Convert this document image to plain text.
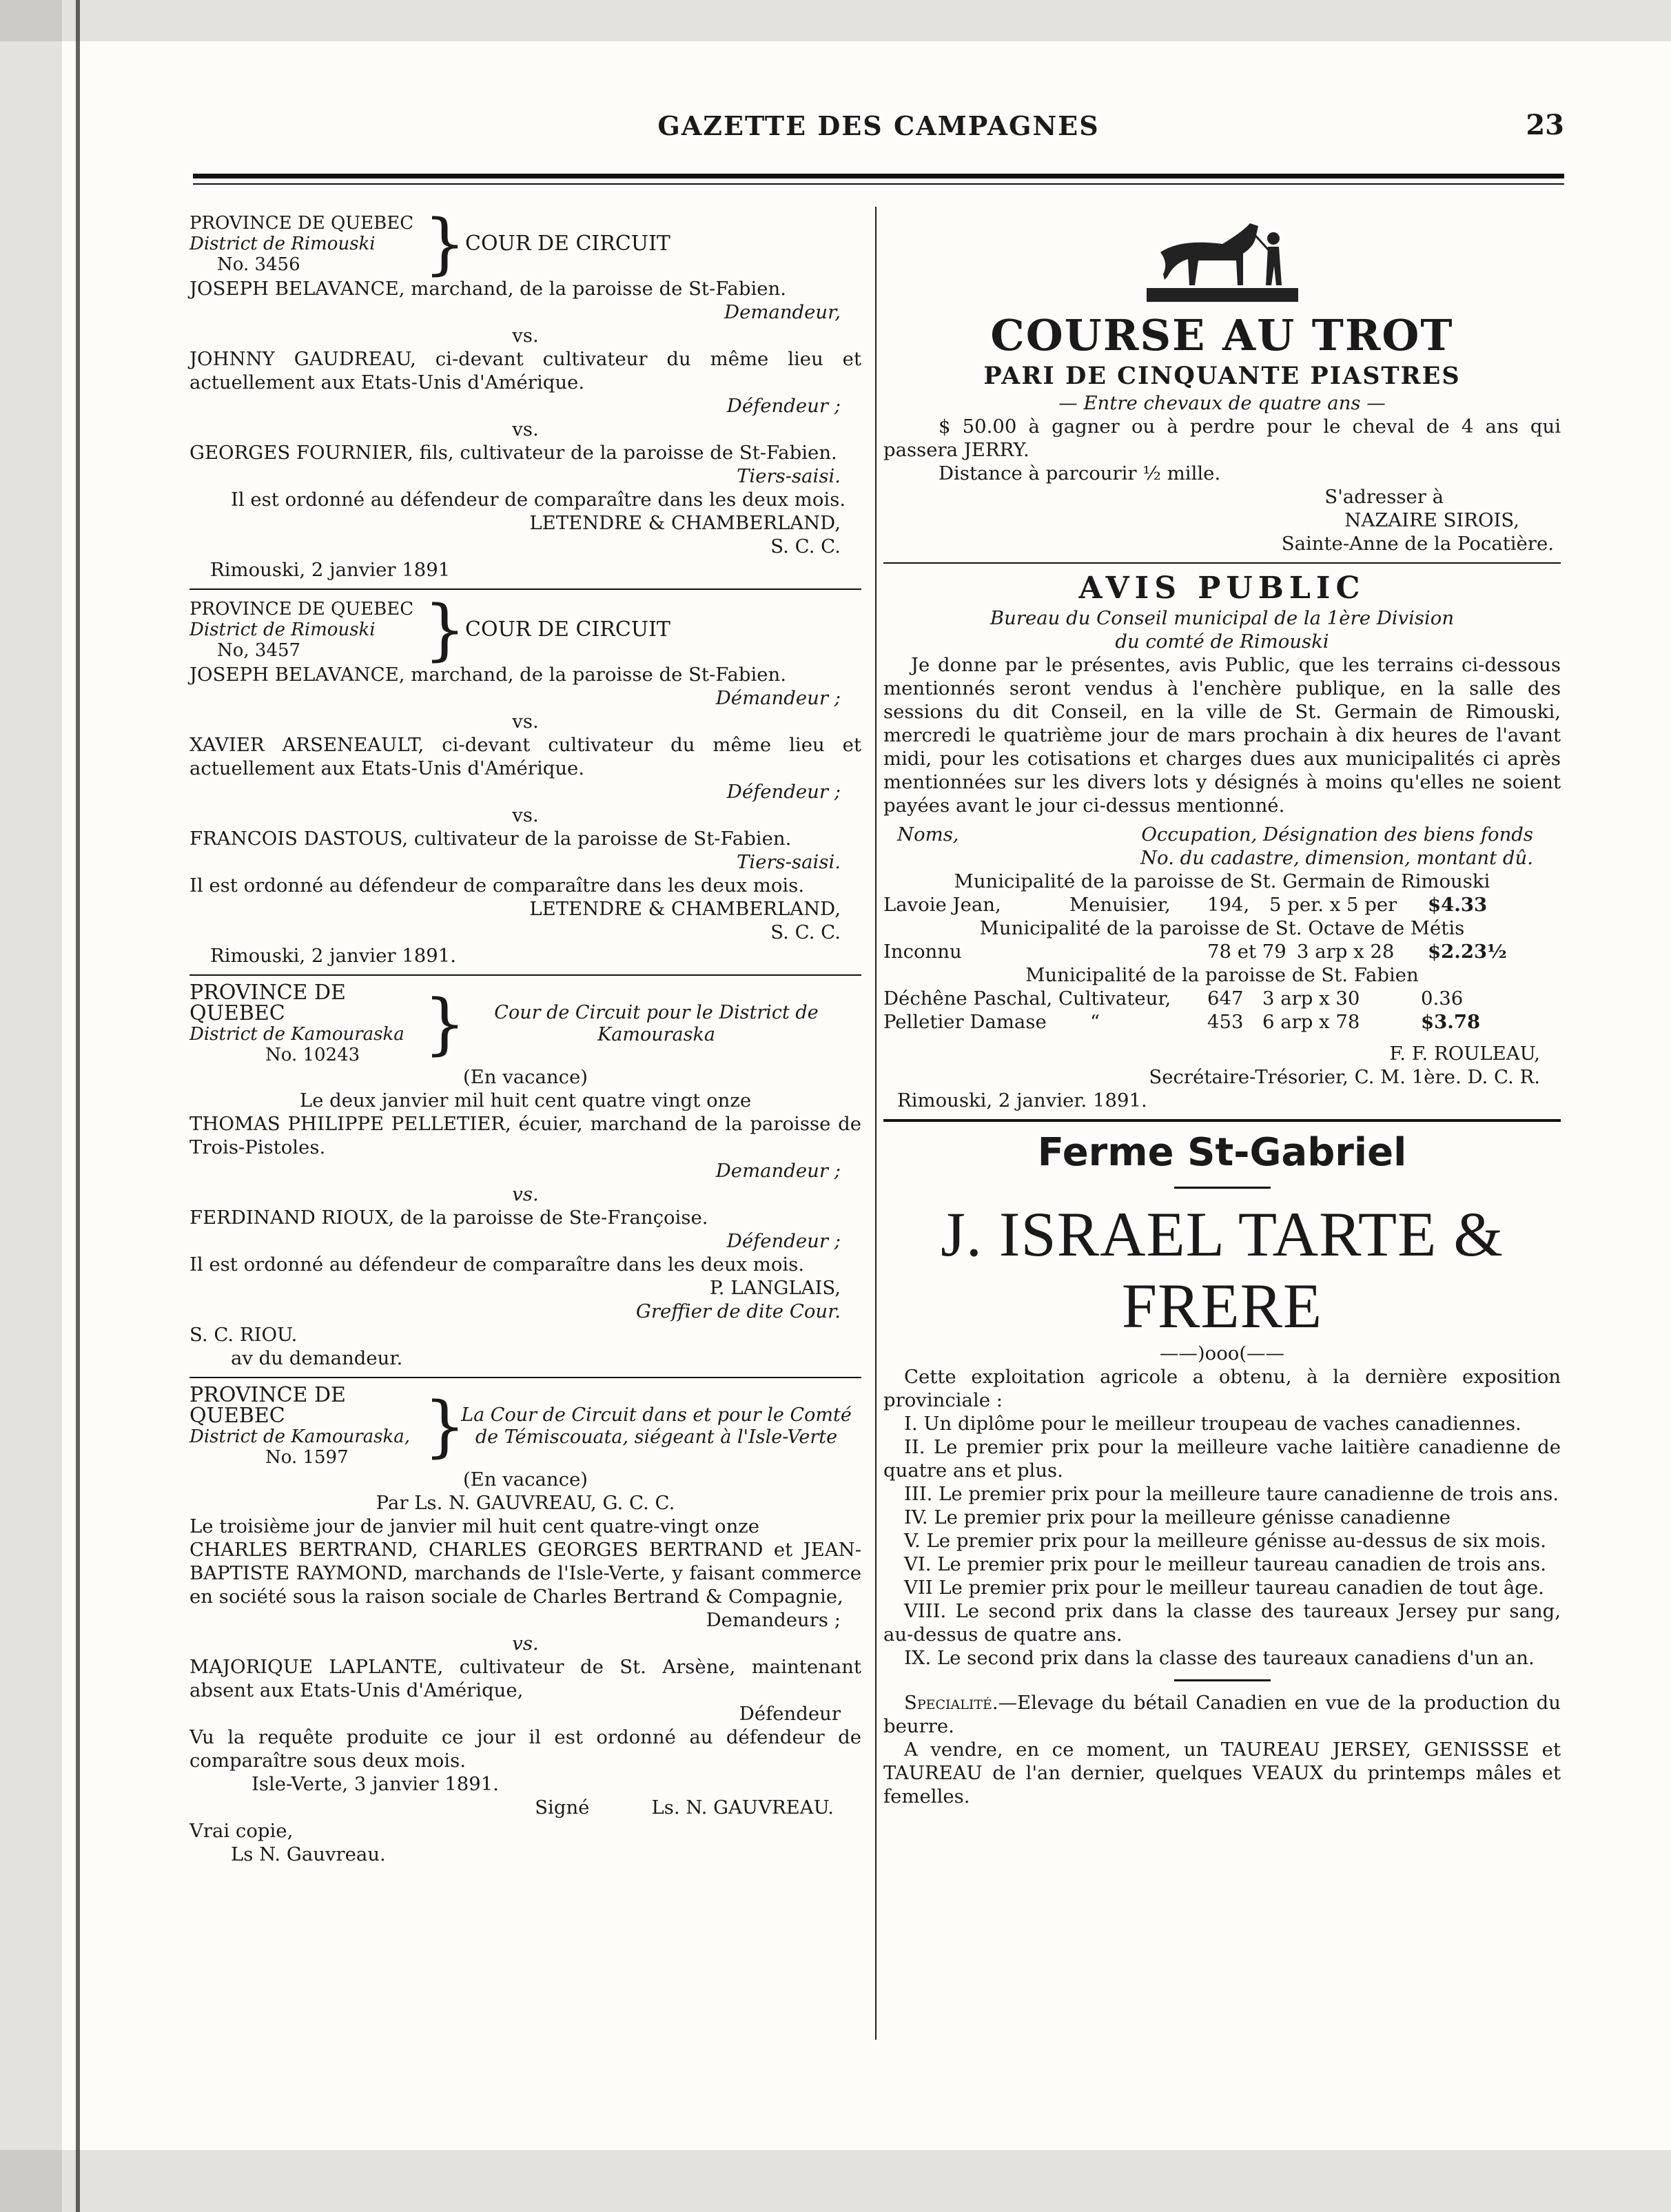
GAZETTE DES CAMPAGNES	23
PROVINCE DE QUEBEC
District de Rimouski
No. 3456	}
COUR DE CIRCUIT
JOSEPH BELAVANCE, marchand, de la paroisse de St-Fabien.
Demandeur,
vs.
JOHNNY GAUDREAU, ci-devant cultivateur du même lieu et actuellement aux Etats-Unis d'Amérique.
Défendeur ;
vs.
GEORGES FOURNIER, fils, cultivateur de la paroisse de St-Fabien.
Tiers-saisi.
Il est ordonné au défendeur de comparaître dans les deux mois.
LETENDRE & CHAMBERLAND,
S. C. C.
Rimouski, 2 janvier 1891
PROVINCE DE QUEBEC
District de Rimouski
No, 3457	}
COUR DE CIRCUIT
JOSEPH BELAVANCE, marchand, de la paroisse de St-Fabien.
Démandeur ;
vs.
XAVIER ARSENEAULT, ci-devant cultivateur du même lieu et actuellement aux Etats-Unis d'Amérique.
Défendeur ;
vs.
FRANCOIS DASTOUS, cultivateur de la paroisse de St-Fabien.
Tiers-saisi.
Il est ordonné au défendeur de comparaître dans les deux mois.
LETENDRE & CHAMBERLAND,
S. C. C.
Rimouski, 2 janvier 1891.
PROVINCE DE QUEBEC
District de Kamouraska
No. 10243 }	Cour de Circuit pour le District de Kamouraska
(En vacance)
Le deux janvier mil huit cent quatre vingt onze
THOMAS PHILIPPE PELLETIER, écuier, marchand de la paroisse de Trois-Pistoles.
Demandeur ;
vs.
FERDINAND RIOUX, de la paroisse de Ste-Françoise.
Défendeur ;
Il est ordonné au défendeur de comparaître dans les deux mois.
P. LANGLAIS,
Greffier de dite Cour.
S. C. RIOU.
av du demandeur.
PROVINCE DE QUEBEC
District de Kamouraska,
No. 1597	}
La Cour de Circuit dans et pour le Comté de Témiscouata, siégeant à l'Isle-Verte
(En vacance)
Par Ls. N. GAUVREAU, G. C. C.
Le troisième jour de janvier mil huit cent quatre-vingt onze
CHARLES BERTRAND, CHARLES GEORGES BERTRAND et JEAN-BAPTISTE RAYMOND, marchands de l'Isle-Verte, y faisant commerce en société sous la raison sociale de Charles Bertrand & Compagnie,
Demandeurs ;
vs.
MAJORIQUE LAPLANTE, cultivateur de St. Arsène, maintenant absent aux Etats-Unis d'Amérique,
Défendeur
Vu la requête produite ce jour il est ordonné au défendeur de comparaître sous deux mois.
Isle-Verte, 3 janvier 1891.
Signé	Ls. N. GAUVREAU.
Vrai copie,
Ls N. Gauvreau.
COURSE AU TROT
PARI DE CINQUANTE PIASTRES
— Entre chevaux de quatre ans —
$ 50.00 à gagner ou à perdre pour le cheval de 4 ans qui passera JERRY.
Distance à parcourir ½ mille.
S'adresser à
NAZAIRE SIROIS,
Sainte-Anne de la Pocatière.
AVIS PUBLIC
Bureau du Conseil municipal de la 1ère Division
du comté de Rimouski
Je donne par le présentes, avis Public, que les terrains ci-dessous mentionnés seront vendus à l'enchère publique, en la salle des sessions du dit Conseil, en la ville de St. Germain de Rimouski, mercredi le quatrième jour de mars prochain à dix heures de l'avant midi, pour les cotisations et charges dues aux municipalités ci après mentionnées sur les divers lots y désignés à moins qu'elles ne soient payées avant le jour ci-dessus mentionné.
Noms,	Occupation, Désignation des biens fonds
No. du cadastre, dimension, montant dû.
Municipalité de la paroisse de St. Germain de Rimouski
Lavoie Jean,	Menuisier,	194,	5 per. x 5 per	$4.33
Municipalité de la paroisse de St. Octave de Métis
Inconnu	78 et 79 3 arp x 28	$2.23½
Municipalité de la paroisse de St. Fabien
Déchêne Paschal, Cultivateur,	647	3 arp x 30	0.36
Pelletier Damase	“	453	6 arp x 78	$3.78
F. F. ROULEAU,
Secrétaire-Trésorier, C. M. 1ère. D. C. R.
Rimouski, 2 janvier. 1891.
Ferme St-Gabriel
J. ISRAEL TARTE & FRERE
——)ooo(——
Cette exploitation agricole a obtenu, à la dernière exposition provinciale :
I. Un diplôme pour le meilleur troupeau de vaches canadiennes.
II. Le premier prix pour la meilleure vache laitière canadienne de quatre ans et plus.
III. Le premier prix pour la meilleure taure canadienne de trois ans.
IV. Le premier prix pour la meilleure génisse canadienne
V. Le premier prix pour la meilleure génisse au-dessus de six mois.
VI. Le premier prix pour le meilleur taureau canadien de trois ans.
VII Le premier prix pour le meilleur taureau canadien de tout âge.
VIII. Le second prix dans la classe des taureaux Jersey pur sang, au-dessus de quatre ans.
IX. Le second prix dans la classe des taureaux canadiens d'un an.
Specialité.—Elevage du bétail Canadien en vue de la production du beurre.
A vendre, en ce moment, un TAUREAU JERSEY, GENISSSE et TAUREAU de l'an dernier, quelques VEAUX du printemps mâles et femelles.
